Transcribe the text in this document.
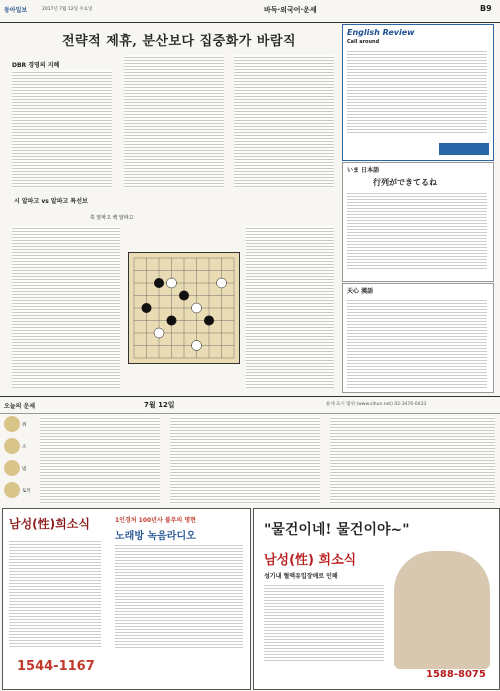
동아일보	2017년 7월 12일 수요일	바둑·외국어·운세	B9
전략적 제휴, 분산보다 집중화가 바람직
DBR 경영의 지혜
English Review
Call around
いま 日本語
行列ができてるね
天心 漢語
시 알파고 vs 알파고 특선보
흑 알파고 백 알파고
오늘의 운세	7월 12일	운세 표시 범위 (www.sihun.net) 02-3476-0433
쥐
소
범
토끼
남성(性)희소식	1인경처 100년사 불루의 명현
노래방 녹음라디오
1544-1167
"물건이네! 물건이야~"
남성(性) 희소식
성기내 혈액유입장애로 인해
1588-8075
